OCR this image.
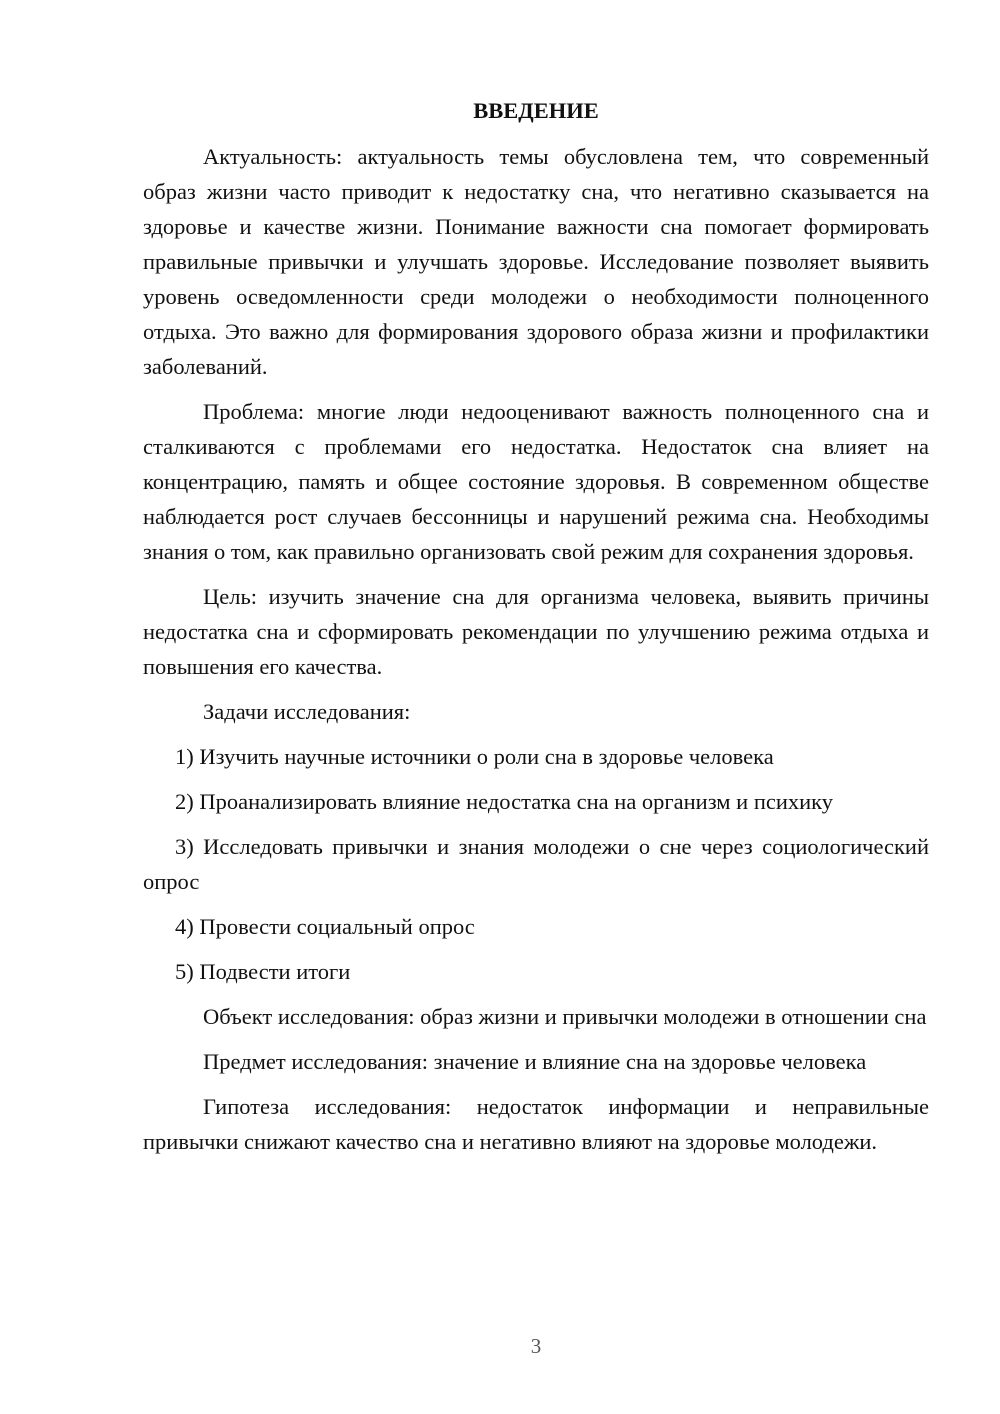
ВВЕДЕНИЕ

Актуальность: актуальность темы обусловлена тем, что современный образ жизни часто приводит к недостатку сна, что негативно сказывается на здоровье и качестве жизни. Понимание важности сна помогает формировать правильные привычки и улучшать здоровье. Исследование позволяет выявить уровень осведомленности среди молодежи о необходимости полноценного отдыха. Это важно для формирования здорового образа жизни и профилактики заболеваний.

Проблема: многие люди недооценивают важность полноценного сна и сталкиваются с проблемами его недостатка. Недостаток сна влияет на концентрацию, память и общее состояние здоровья. В современном обществе наблюдается рост случаев бессонницы и нарушений режима сна. Необходимы знания о том, как правильно организовать свой режим для сохранения здоровья.

Цель: изучить значение сна для организма человека, выявить причины недостатка сна и сформировать рекомендации по улучшению режима отдыха и повышения его качества.

Задачи исследования:

1) Изучить научные источники о роли сна в здоровье человека

2) Проанализировать влияние недостатка сна на организм и психику

3) Исследовать привычки и знания молодежи о сне через социологический опрос

4) Провести социальный опрос

5) Подвести итоги

Объект исследования: образ жизни и привычки молодежи в отношении сна

Предмет исследования: значение и влияние сна на здоровье человека

Гипотеза исследования: недостаток информации и неправильные привычки снижают качество сна и негативно влияют на здоровье молодежи.

3
